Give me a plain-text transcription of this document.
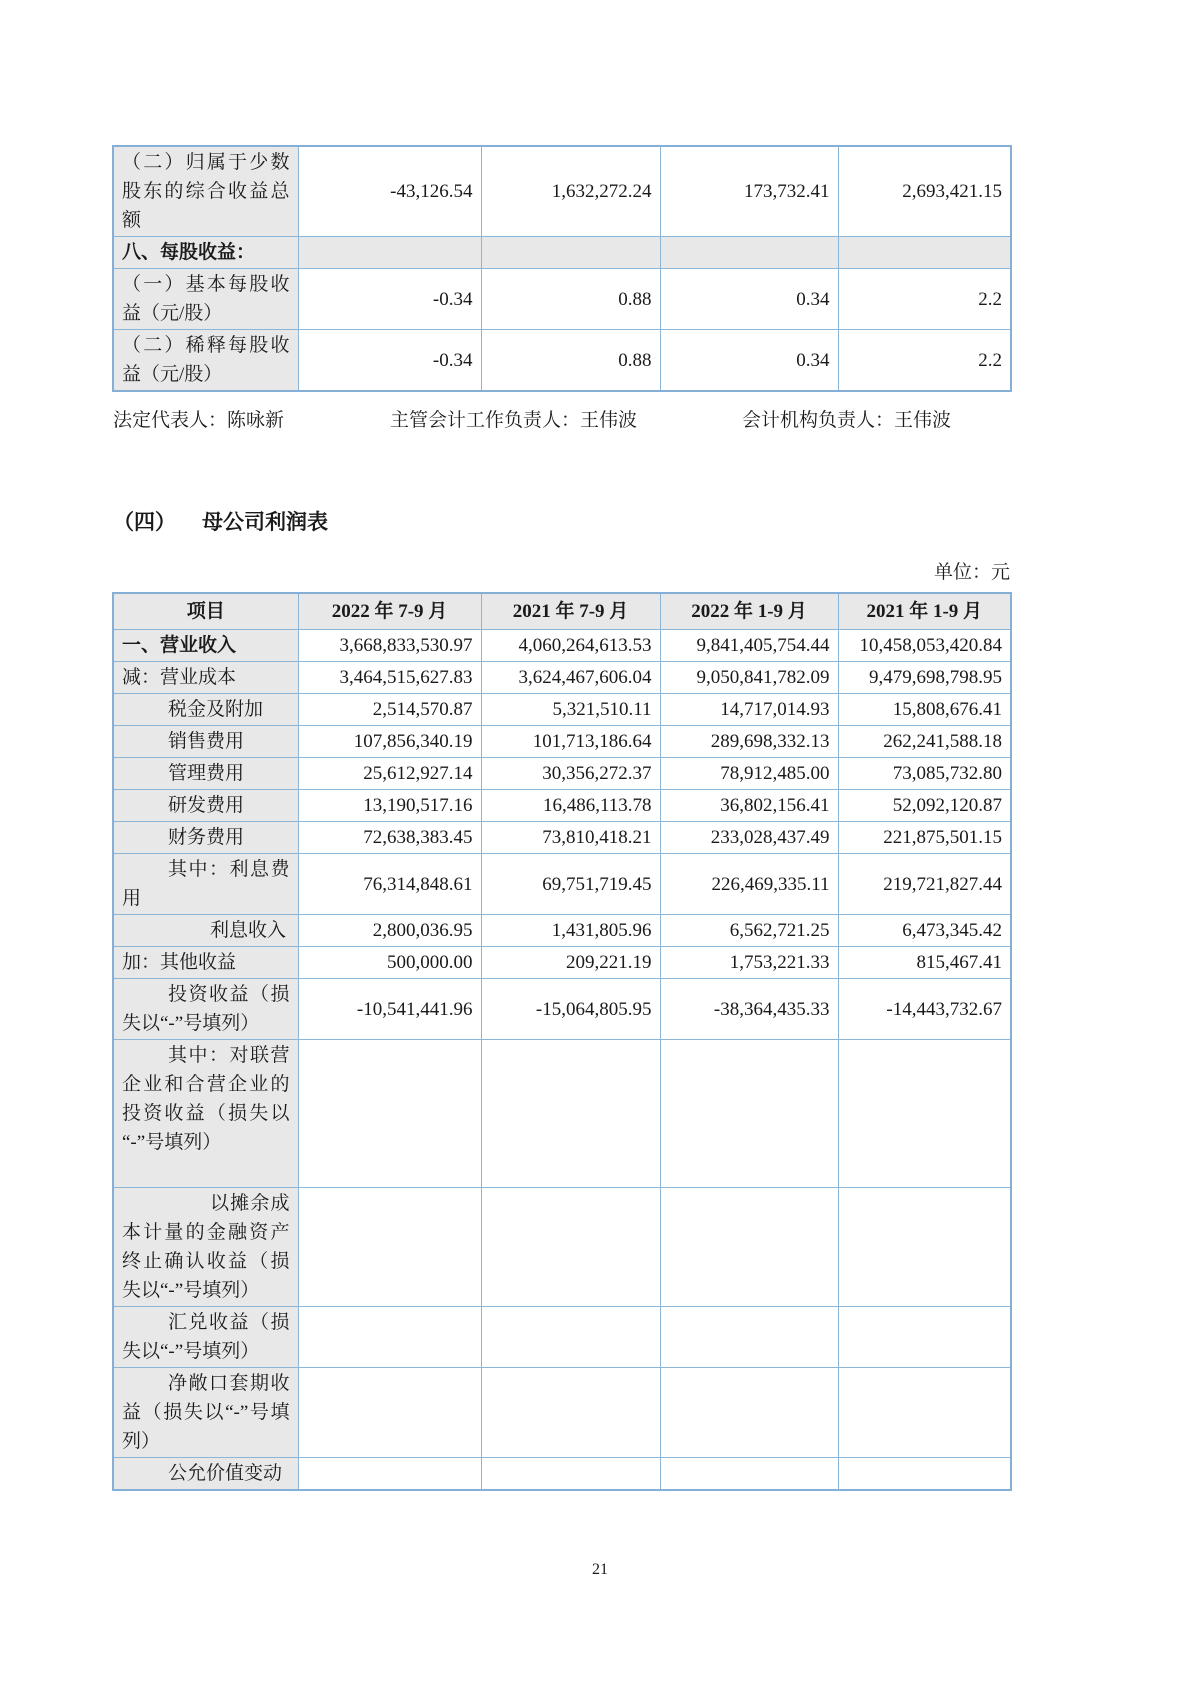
（二）归属于少数股东的综合收益总额	-43,126.54	1,632,272.24	173,732.41	2,693,421.15
八、每股收益：				
（一）基本每股收益（元/股）	-0.34	0.88	0.34	2.2
（二）稀释每股收益（元/股）	-0.34	0.88	0.34	2.2
法定代表人：陈咏新	主管会计工作负责人：王伟波	会计机构负责人：王伟波
（四） 母公司利润表
单位：元
项目	2022 年 7-9 月	2021 年 7-9 月	2022 年 1-9 月	2021 年 1-9 月
一、营业收入	3,668,833,530.97	4,060,264,613.53	9,841,405,754.44	10,458,053,420.84
减：营业成本	3,464,515,627.83	3,624,467,606.04	9,050,841,782.09	9,479,698,798.95
税金及附加	2,514,570.87	5,321,510.11	14,717,014.93	15,808,676.41
销售费用	107,856,340.19	101,713,186.64	289,698,332.13	262,241,588.18
管理费用	25,612,927.14	30,356,272.37	78,912,485.00	73,085,732.80
研发费用	13,190,517.16	16,486,113.78	36,802,156.41	52,092,120.87
财务费用	72,638,383.45	73,810,418.21	233,028,437.49	221,875,501.15
其中：利息费用	76,314,848.61	69,751,719.45	226,469,335.11	219,721,827.44
利息收入	2,800,036.95	1,431,805.96	6,562,721.25	6,473,345.42
加：其他收益	500,000.00	209,221.19	1,753,221.33	815,467.41
投资收益（损失以“-”号填列）	-10,541,441.96	-15,064,805.95	-38,364,435.33	-14,443,732.67
其中：对联营企业和合营企业的投资收益（损失以“-”号填列）				
以摊余成本计量的金融资产终止确认收益（损失以“-”号填列）				
汇兑收益（损失以“-”号填列）				
净敞口套期收益（损失以“-”号填列）				
公允价值变动				
21
